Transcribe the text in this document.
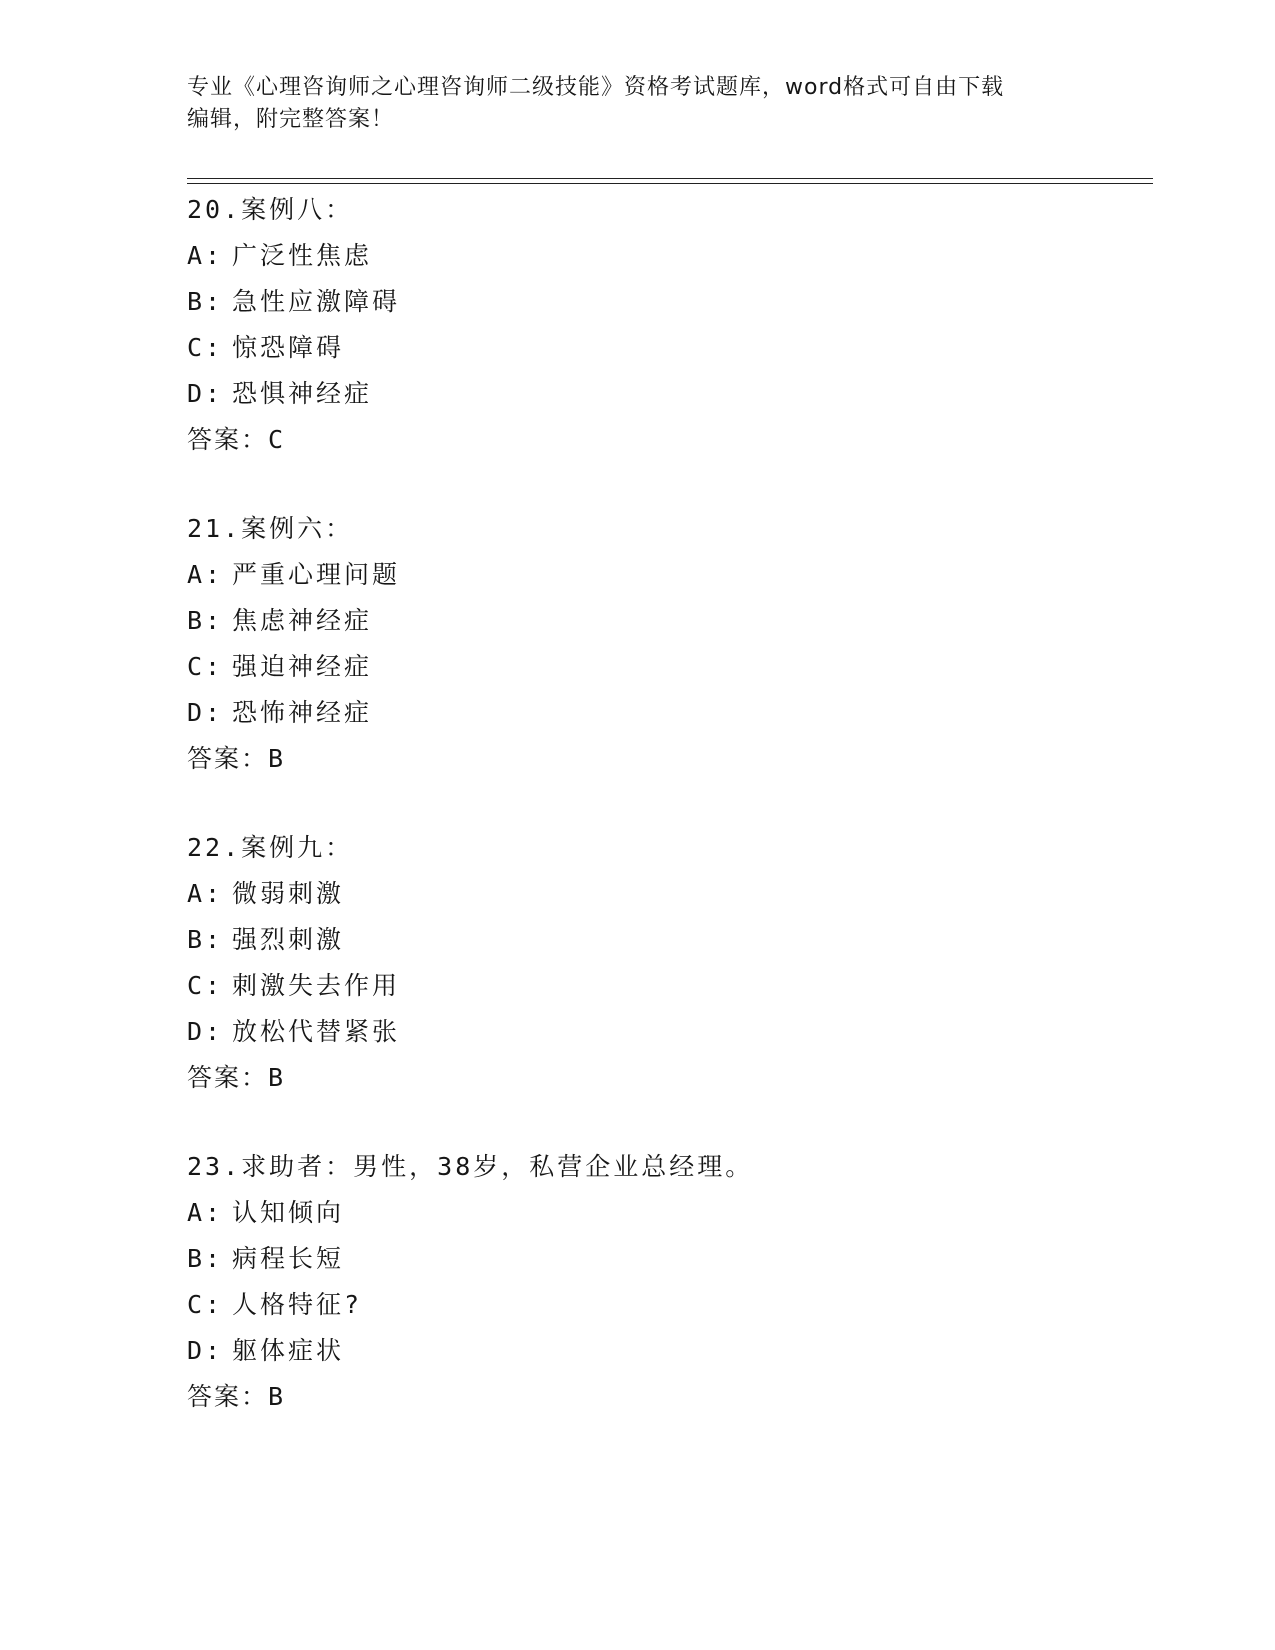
专业《心理咨询师之心理咨询师二级技能》资格考试题库，word格式可自由下载
编辑，附完整答案！
20.案例八：
A: 广泛性焦虑
B: 急性应激障碍
C: 惊恐障碍
D: 恐惧神经症
答案：C
21.案例六：
A: 严重心理问题
B: 焦虑神经症
C: 强迫神经症
D: 恐怖神经症
答案：B
22.案例九：
A: 微弱刺激
B: 强烈刺激
C: 刺激失去作用
D: 放松代替紧张
答案：B
23.求助者：男性，38岁，私营企业总经理。
A: 认知倾向
B: 病程长短
C: 人格特征?
D: 躯体症状
答案：B
